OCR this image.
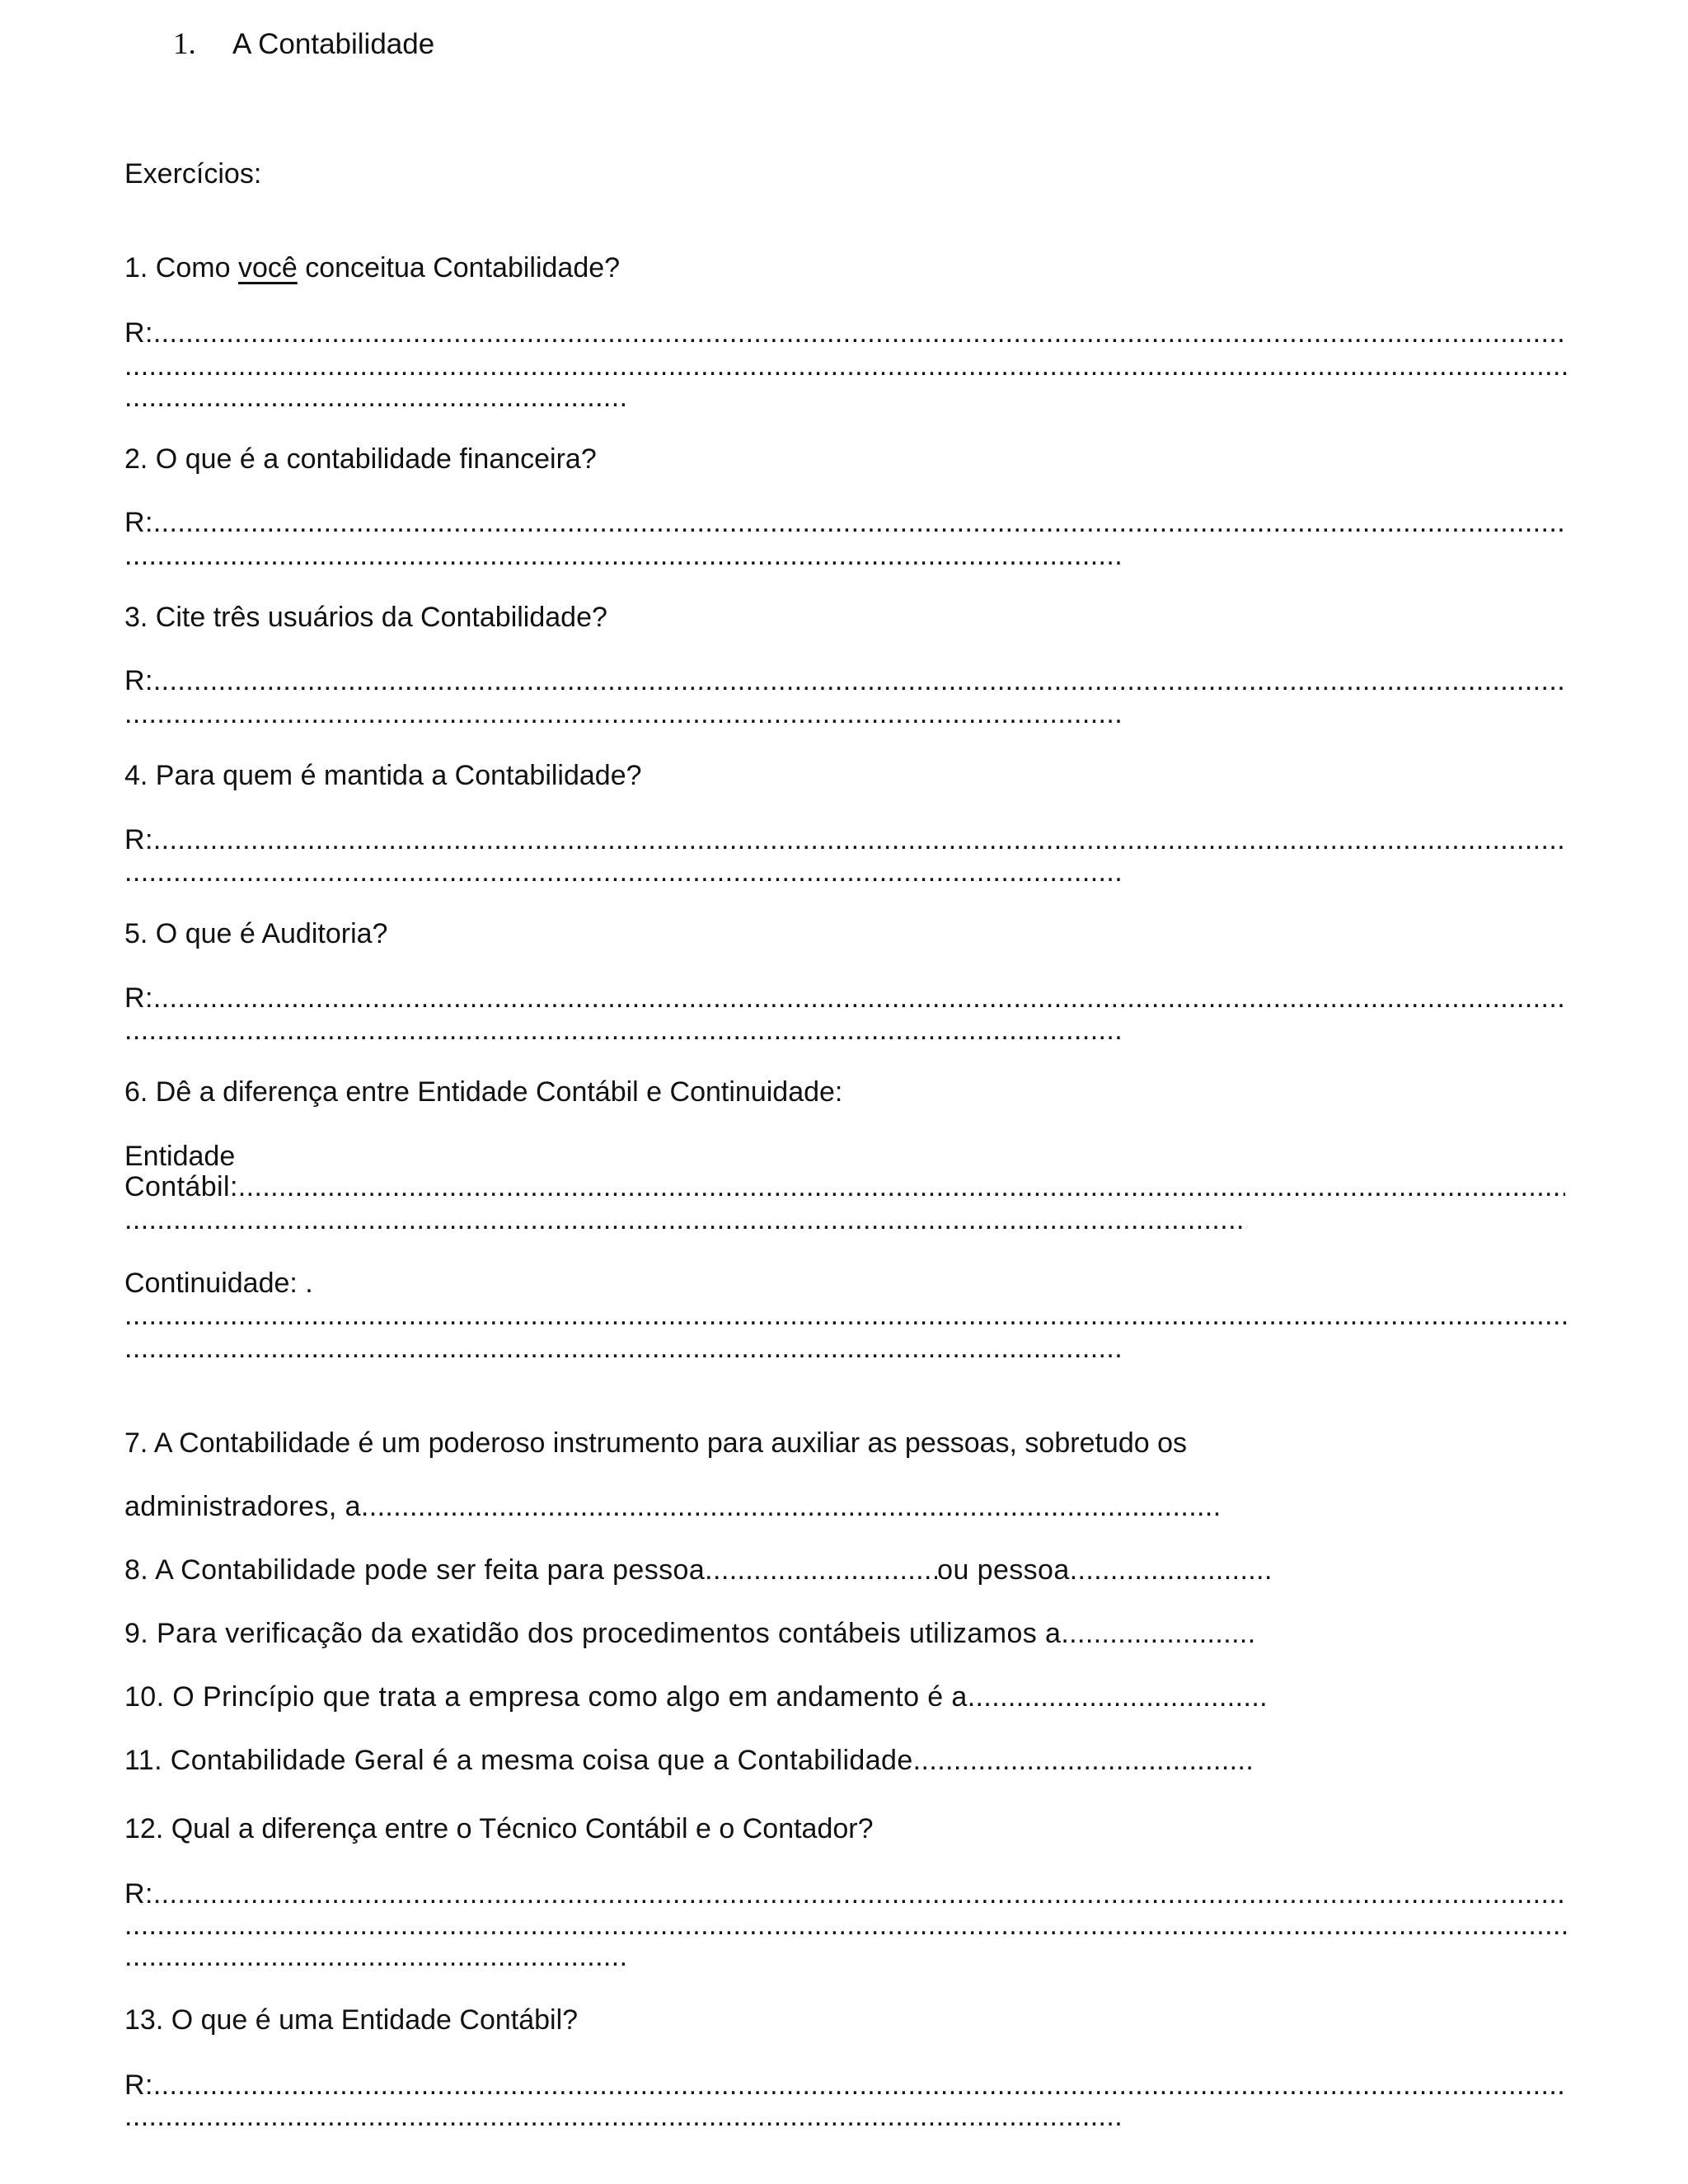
1. A Contabilidade
Exercícios:
1. Como você conceitua Contabilidade?
R: .....
.....
.....
2. O que é a contabilidade financeira?
R: .....
.....
3. Cite três usuários da Contabilidade?
R: .....
.....
4. Para quem é mantida a Contabilidade?
R: .....
.....
5. O que é Auditoria?
R: .....
.....
6. Dê a diferença entre Entidade Contábil e Continuidade:
Entidade
Contábil: .....
.....
Continuidade: .
.....
.....
7. A Contabilidade é um poderoso instrumento para auxiliar as pessoas, sobretudo os
administradores, a .....
8. A Contabilidade pode ser feita para pessoa.....	ou pessoa .....
9. Para verificação da exatidão dos procedimentos contábeis utilizamos a .....
10. O Princípio que trata a empresa como algo em andamento é a .....
11. Contabilidade Geral é a mesma coisa que a Contabilidade .....
12. Qual a diferença entre o Técnico Contábil e o Contador?
R: .....
.....
.....
13. O que é uma Entidade Contábil?
R: .....
.....
